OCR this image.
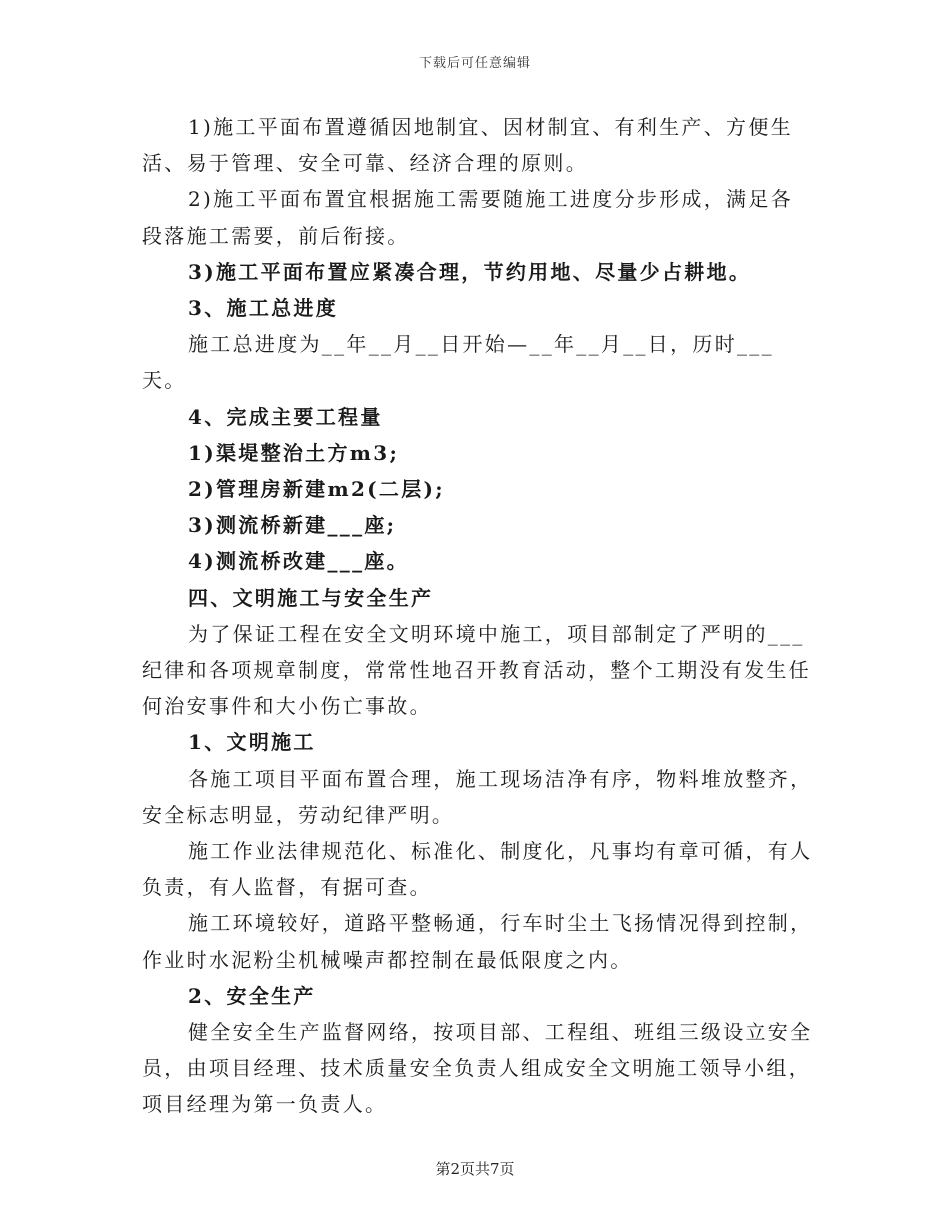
下载后可任意编辑

1)施工平面布置遵循因地制宜、因材制宜、有利生产、方便生活、易于管理、安全可靠、经济合理的原则。

2)施工平面布置宜根据施工需要随施工进度分步形成，满足各段落施工需要，前后衔接。

3)施工平面布置应紧凑合理，节约用地、尽量少占耕地。

3、施工总进度

施工总进度为__年__月__日开始—__年__月__日，历时___天。

4、完成主要工程量

1)渠堤整治土方m3;

2)管理房新建m2(二层);

3)测流桥新建___座;

4)测流桥改建___座。

四、文明施工与安全生产

为了保证工程在安全文明环境中施工，项目部制定了严明的___纪律和各项规章制度，常常性地召开教育活动，整个工期没有发生任何治安事件和大小伤亡事故。

1、文明施工

各施工项目平面布置合理，施工现场洁净有序，物料堆放整齐，安全标志明显，劳动纪律严明。

施工作业法律规范化、标准化、制度化，凡事均有章可循，有人负责，有人监督，有据可查。

施工环境较好，道路平整畅通，行车时尘土飞扬情况得到控制，作业时水泥粉尘机械噪声都控制在最低限度之内。

2、安全生产

健全安全生产监督网络，按项目部、工程组、班组三级设立安全员，由项目经理、技术质量安全负责人组成安全文明施工领导小组，项目经理为第一负责人。

第2页共7页
